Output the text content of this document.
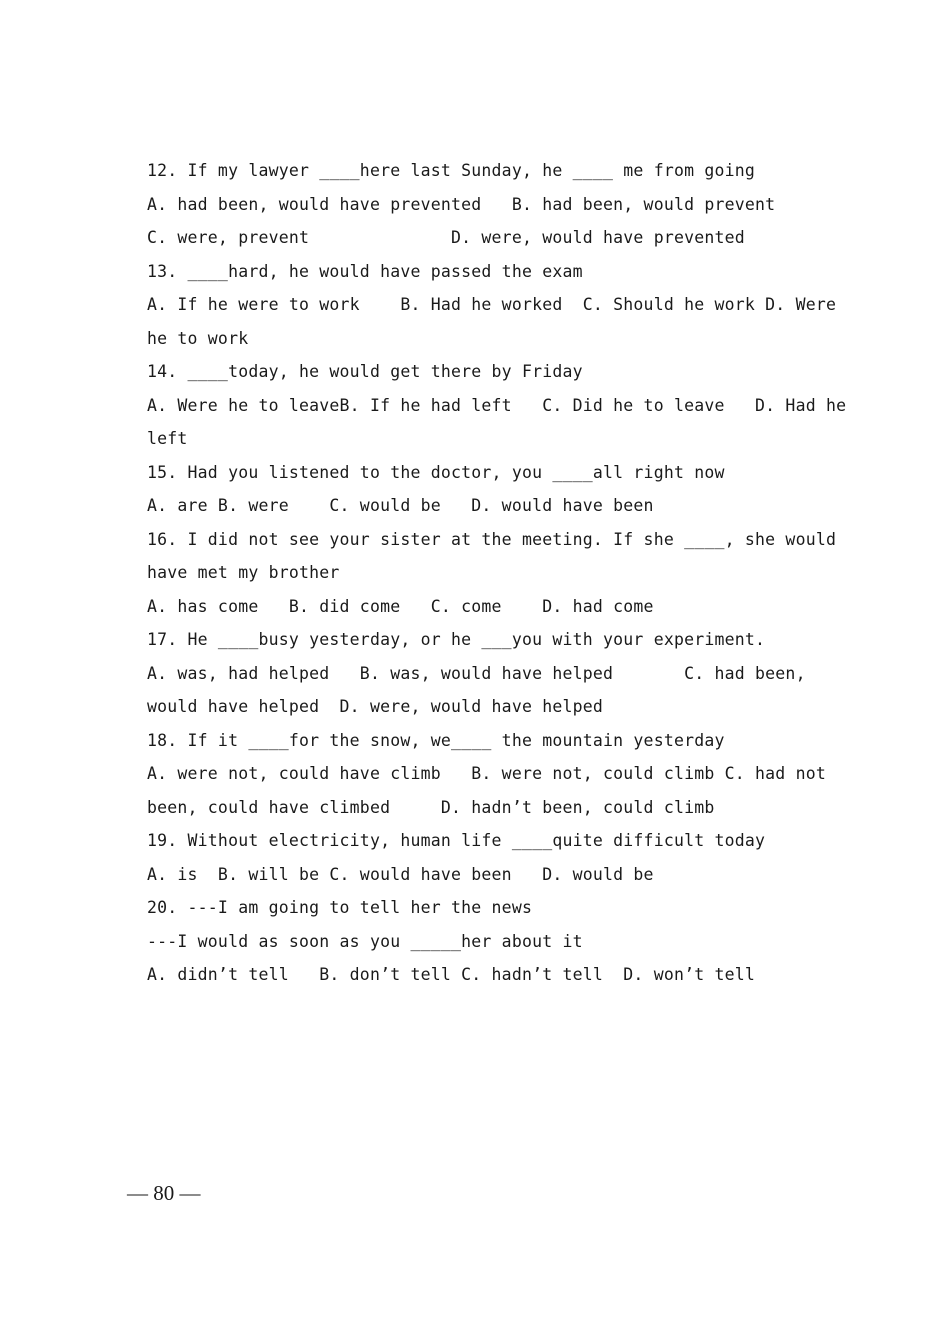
12. If my lawyer ____here last Sunday, he ____ me from going
A. had been, would have prevented   B. had been, would prevent
C. were, prevent              D. were, would have prevented
13. ____hard, he would have passed the exam
A. If he were to work    B. Had he worked  C. Should he work D. Were
he to work
14. ____today, he would get there by Friday
A. Were he to leaveB. If he had left   C. Did he to leave   D. Had he
left
15. Had you listened to the doctor, you ____all right now
A. are B. were    C. would be   D. would have been
16. I did not see your sister at the meeting. If she ____, she would
have met my brother
A. has come   B. did come   C. come    D. had come
17. He ____busy yesterday, or he ___you with your experiment.
A. was, had helped   B. was, would have helped       C. had been,
would have helped  D. were, would have helped
18. If it ____for the snow, we____ the mountain yesterday
A. were not, could have climb   B. were not, could climb C. had not
been, could have climbed     D. hadn’t been, could climb
19. Without electricity, human life ____quite difficult today
A. is  B. will be C. would have been   D. would be
20. ---I am going to tell her the news
---I would as soon as you _____her about it
A. didn’t tell   B. don’t tell C. hadn’t tell  D. won’t tell
— 80 —
